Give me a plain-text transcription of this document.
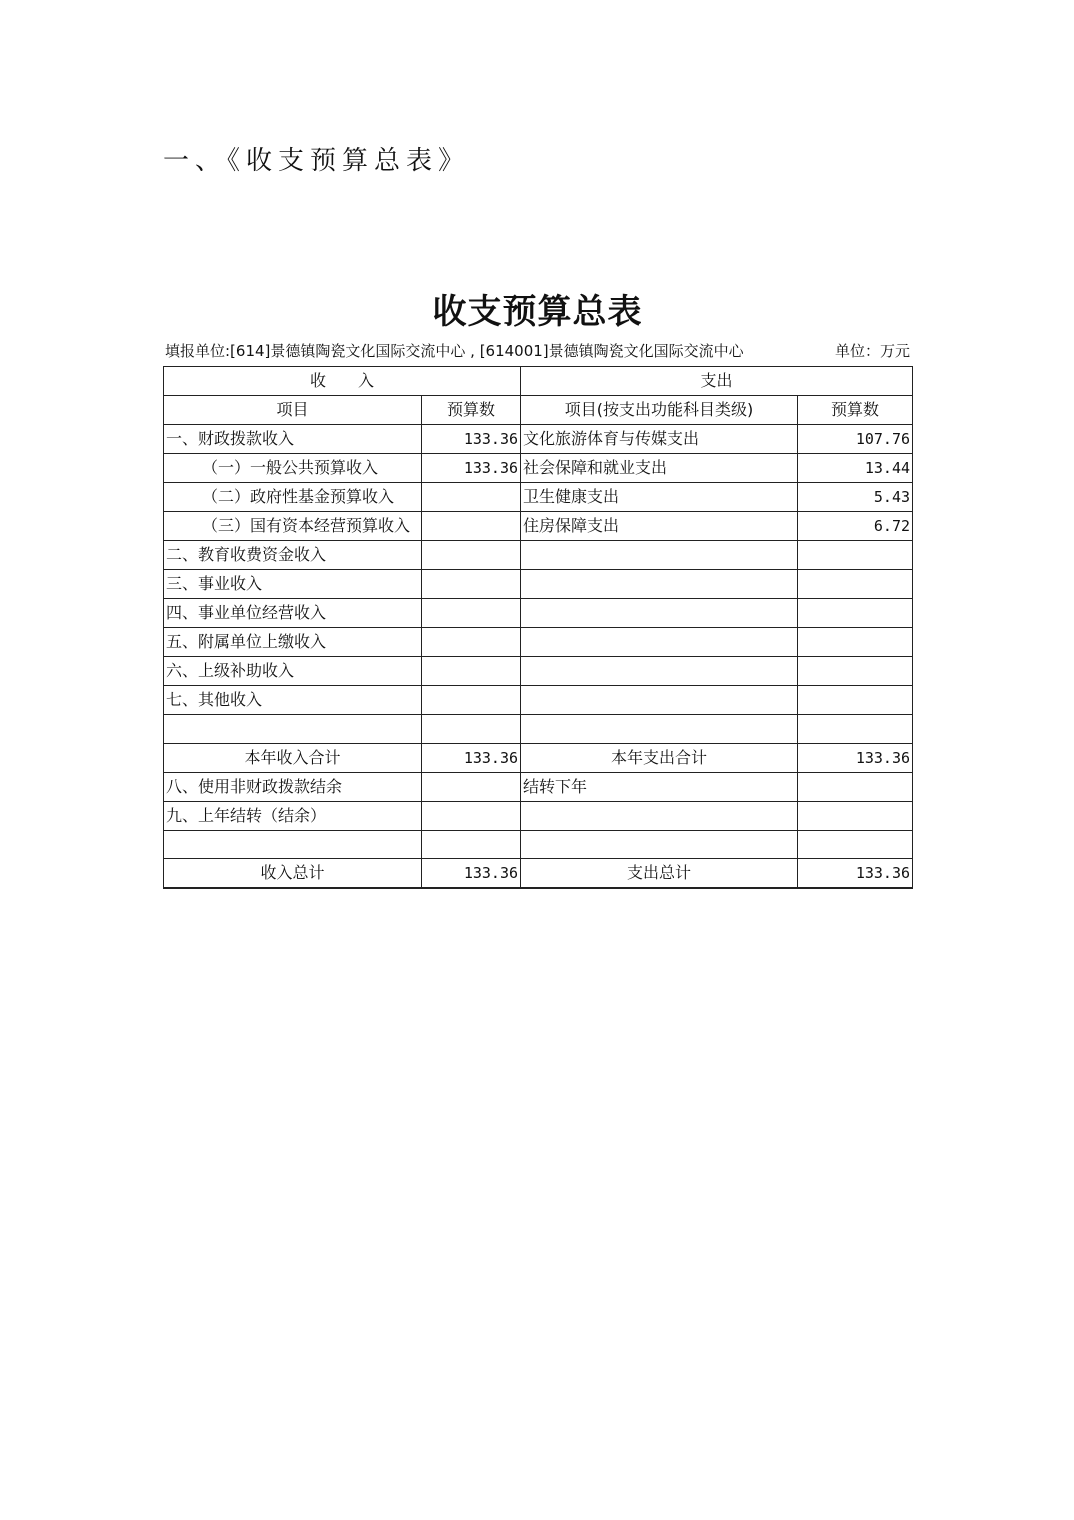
一、《收支预算总表》
收支预算总表
填报单位:[614]景德镇陶瓷文化国际交流中心 , [614001]景德镇陶瓷文化国际交流中心	单位：万元
收　　入		支出	
项目	预算数	项目(按支出功能科目类级)	预算数
一、财政拨款收入	133.36	文化旅游体育与传媒支出	107.76
（一）一般公共预算收入	133.36	社会保障和就业支出	13.44
（二）政府性基金预算收入		卫生健康支出	5.43
（三）国有资本经营预算收入		住房保障支出	6.72
二、教育收费资金收入			
三、事业收入			
四、事业单位经营收入			
五、附属单位上缴收入			
六、上级补助收入			
七、其他收入			

本年收入合计	133.36	本年支出合计	133.36
八、使用非财政拨款结余		结转下年	
九、上年结转（结余）			

收入总计	133.36	支出总计	133.36
